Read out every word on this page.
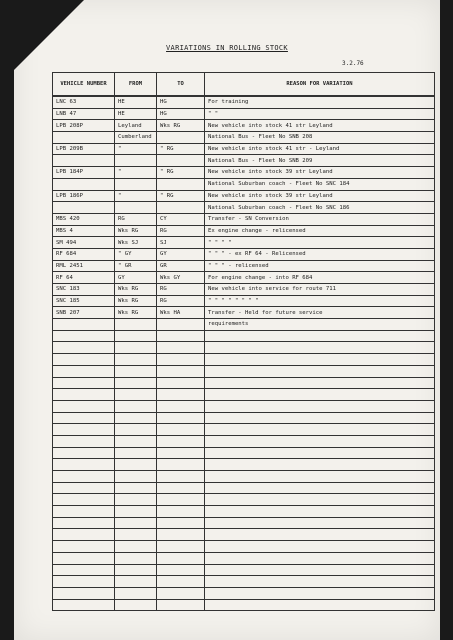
VARIATIONS IN ROLLING STOCK
3.2.76
VEHICLE NUMBER	FROM	TO	REASON FOR VARIATION
LNC 63	HE	HG	For training
LNB 47	HE	HG	" "
LPB 208P	Leyland	Wks RG	New vehicle into stock 41 str Leyland
	Cumberland		National Bus - Fleet No SNB 208
LPB 209B	"	" RG	New vehicle into stock 41 str - Leyland
			National Bus - Fleet No SNB 209
LPB 184P	"	" RG	New vehicle into stock 39 str Leyland
			National Suburban coach - Fleet No SNC 184
LPB 186P	"	" RG	New vehicle into stock 39 str Leyland
			National Suburban coach - Fleet No SNC 186
MBS 420	RG	CY	Transfer - SN Conversion
MBS 4	Wks RG	RG	Ex engine change - relicensed
SM 494	Wks SJ	SJ	" " " "
RF 684	" GY	GY	" " " - ex RF 64 - Relicensed
RML 2451	" GR	GR	" " " - relicensed
RF 64	GY	Wks GY	For engine change - into RF 684
SNC 183	Wks RG	RG	New vehicle into service for route 711
SNC 185	Wks RG	RG	" " " " " " " "
SNB 207	Wks RG	Wks HA	Transfer - Held for future service
			requirements
